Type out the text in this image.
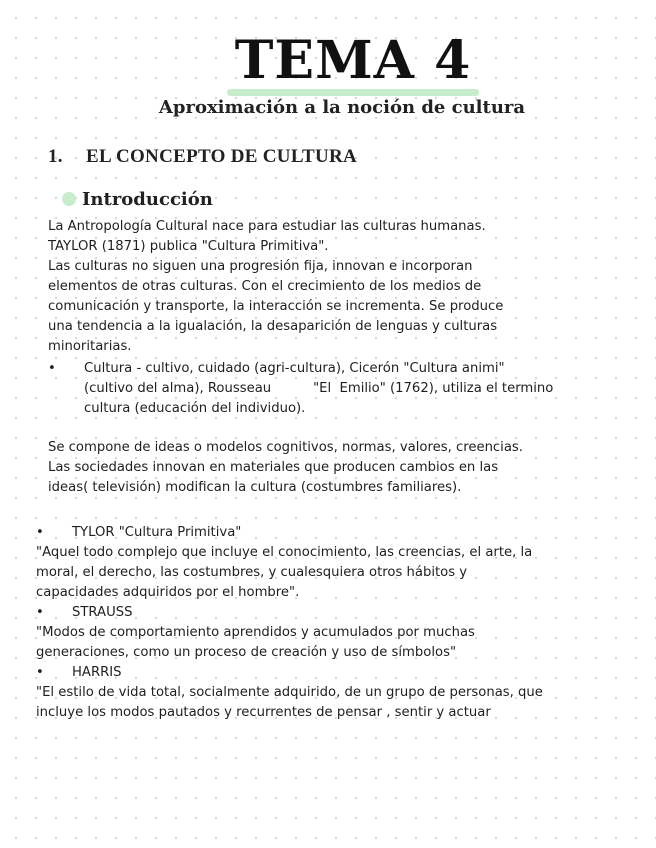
TEMA 4
Aproximación a la noción de cultura
1. EL CONCEPTO DE CULTURA
Introducción
La Antropología Cultural nace para estudiar las culturas humanas.
TAYLOR (1871) publica "Cultura Primitiva".
Las culturas no siguen una progresión fija, innovan e incorporan
elementos de otras culturas. Con el crecimiento de los medios de
comunicación y transporte, la interacción se incrementa. Se produce
una tendencia a la igualación, la desaparición de lenguas y culturas
minoritarias.
• Cultura - cultivo, cuidado (agri-cultura), Cicerón "Cultura animi"
(cultivo del alma), Rousseau          "El  Emilio" (1762), utiliza el termino
cultura (educación del individuo).
Se compone de ideas o modelos cognitivos, normas, valores, creencias.
Las sociedades innovan en materiales que producen cambios en las
ideas( televisión) modifican la cultura (costumbres familiares).
• TYLOR "Cultura Primitiva"
"Aquel todo complejo que incluye el conocimiento, las creencias, el arte, la
moral, el derecho, las costumbres, y cualesquiera otros hábitos y
capacidades adquiridos por el hombre".
• STRAUSS
"Modos de comportamiento aprendidos y acumulados por muchas
generaciones, como un proceso de creación y uso de símbolos"
• HARRIS
"El estilo de vida total, socialmente adquirido, de un grupo de personas, que
incluye los modos pautados y recurrentes de pensar , sentir y actuar
